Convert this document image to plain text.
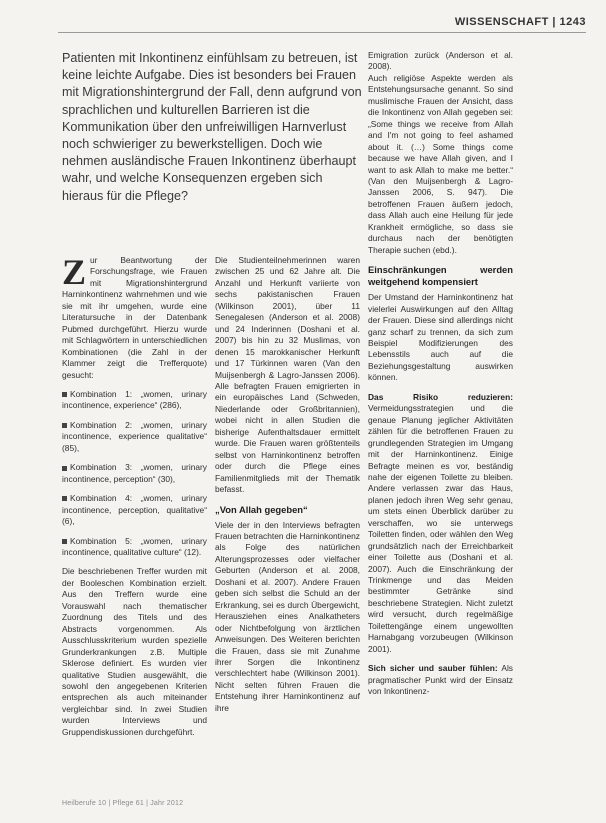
WISSENSCHAFT | 1243
Patienten mit Inkontinenz einfühlsam zu betreuen, ist keine leichte Aufgabe. Dies ist besonders bei Frauen mit Migrationshintergrund der Fall, denn aufgrund von sprachlichen und kulturellen Barrieren ist die Kommunikation über den unfreiwilligen Harnverlust noch schwieriger zu bewerkstelligen. Doch wie nehmen ausländische Frauen Inkontinenz überhaupt wahr, und welche Konsequenzen ergeben sich hieraus für die Pflege?

Zur Beantwortung der Forschungsfrage, wie Frauen mit Migrationshintergrund Harninkontinenz wahrnehmen und wie sie mit ihr umgehen, wurde eine Literatursuche in der Datenbank Pubmed durchgeführt. Hierzu wurde mit Schlagwörtern in unterschiedlichen Kombinationen (die Zahl in der Klammer zeigt die Trefferquote) gesucht:

Kombination 1: „women, urinary incontinence, experience“ (286),

Kombination 2: „women, urinary incontinence, experience qualitative“ (85),

Kombination 3: „women, urinary incontinence, perception“ (30),

Kombination 4: „women, urinary incontinence, perception, qualitative“ (6),

Kombination 5: „women, urinary incontinence, qualitative culture“ (12).

Die beschriebenen Treffer wurden mit der Booleschen Kombination erzielt. Aus den Treffern wurde eine Vorauswahl nach thematischer Zuordnung des Titels und des Abstracts vorgenommen. Als Ausschlusskriterium wurden spezielle Grunderkrankungen z.B. Multiple Sklerose definiert. Es wurden vier qualitative Studien ausgewählt, die sowohl den angegebenen Kriterien entsprechen als auch miteinander vergleichbar sind. In zwei Studien wurden Interviews und Gruppendiskussionen durchgeführt.

Die Studienteilnehmerinnen waren zwischen 25 und 62 Jahre alt. Die Anzahl und Herkunft variierte von sechs pakistanischen Frauen (Wilkinson 2001), über 11 Senegalesen (Anderson et al. 2008) und 24 Inderinnen (Doshani et al. 2007) bis hin zu 32 Muslimas, von denen 15 marokkanischer Herkunft und 17 Türkinnen waren (Van den Muijsenbergh & Lagro-Janssen 2006). Alle befragten Frauen emigrierten in ein europäisches Land (Schweden, Niederlande oder Großbritannien), wobei nicht in allen Studien die bisherige Aufenthaltsdauer ermittelt wurde. Die Frauen waren größtenteils selbst von Harninkontinenz betroffen oder durch die Pflege eines Familienmitglieds mit der Thematik befasst.

„Von Allah gegeben“

Viele der in den Interviews befragten Frauen betrachten die Harninkontinenz als Folge des natürlichen Alterungsprozesses oder vielfacher Geburten (Anderson et al. 2008, Doshani et al. 2007). Andere Frauen geben sich selbst die Schuld an der Erkrankung, sei es durch Übergewicht, Herausziehen eines Analkatheters oder Nichtbefolgung von ärztlichen Anweisungen. Des Weiteren berichten die Frauen, dass sie mit Zunahme ihrer Sorgen die Inkontinenz verschlechtert habe (Wilkinson 2001). Nicht selten führen Frauen die Entstehung ihrer Harninkontinenz auf ihre

Emigration zurück (Anderson et al. 2008).

Auch religiöse Aspekte werden als Entstehungsursache genannt. So sind muslimische Frauen der Ansicht, dass die Inkontinenz von Allah gegeben sei: „Some things we receive from Allah and I'm not going to feel ashamed about it. (…) Some things come because we have Allah given, and I want to ask Allah to make me better.“ (Van den Muijsenbergh & Lagro-Janssen 2006, S. 947). Die betroffenen Frauen äußern jedoch, dass Allah auch eine Heilung für jede Krankheit ermögliche, so dass sie durchaus nach der benötigten Therapie suchen (ebd.).

Einschränkungen werden weitgehend kompensiert

Der Umstand der Harninkontinenz hat vielerlei Auswirkungen auf den Alltag der Frauen. Diese sind allerdings nicht ganz scharf zu trennen, da sich zum Beispiel Modifizierungen des Lebensstils auch auf die Beziehungsgestaltung auswirken können.

Das Risiko reduzieren: Vermeidungsstrategien und die genaue Planung jeglicher Aktivitäten zählen für die betroffenen Frauen zu grundlegenden Strategien im Umgang mit der Harninkontinenz. Einige Befragte meinen es vor, beständig nahe der eigenen Toilette zu bleiben. Andere verlassen zwar das Haus, planen jedoch ihren Weg sehr genau, um stets einen Überblick darüber zu verschaffen, wo sie unterwegs Toiletten finden, oder wählen den Weg grundsätzlich nach der Erreichbarkeit einer Toilette aus (Doshani et al. 2007). Auch die Einschränkung der Trinkmenge und das Meiden bestimmter Getränke sind beschriebene Strategien. Nicht zuletzt wird versucht, durch regelmäßige Toilettengänge einem ungewollten Harnabgang vorzubeugen (Wilkinson 2001).

Sich sicher und sauber fühlen: Als pragmatischer Punkt wird der Einsatz von Inkontinenz-

Heilberufe 10 | Pflege 61 | Jahr 2012
